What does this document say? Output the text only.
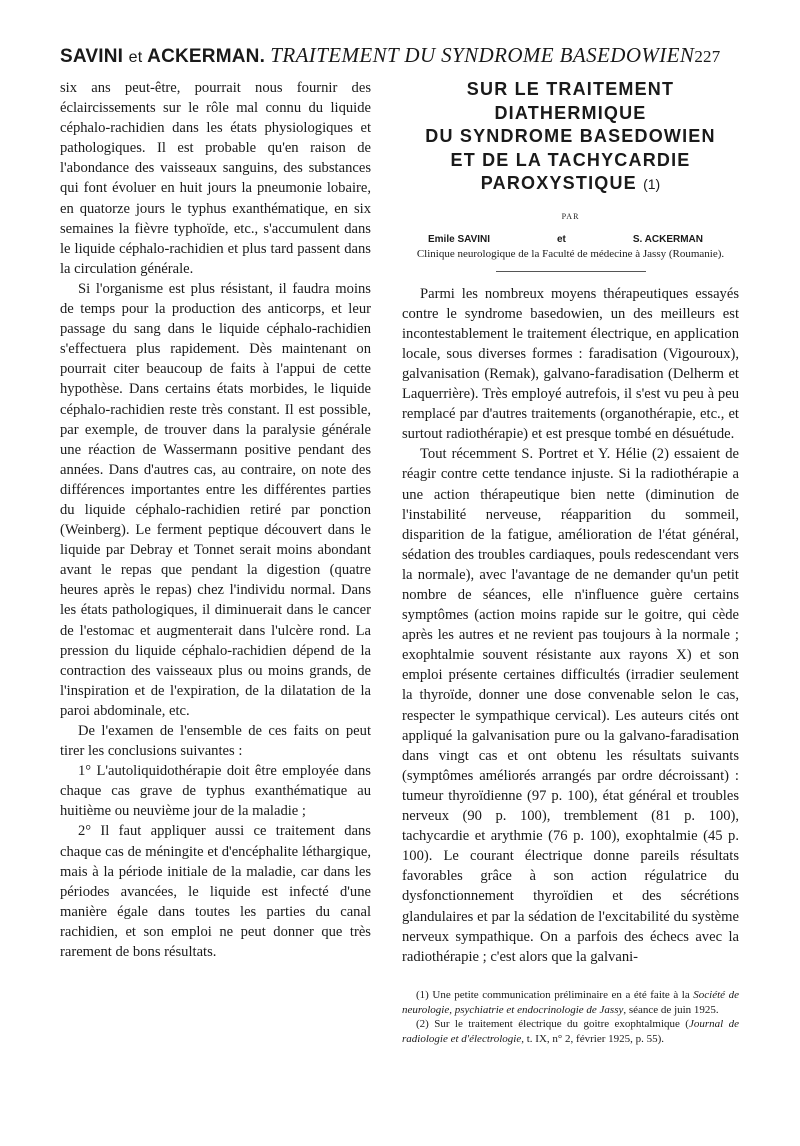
SAVINI et ACKERMAN. TRAITEMENT DU SYNDROME BASEDOWIEN227

six ans peut-être, pourrait nous fournir des éclaircissements sur le rôle mal connu du liquide céphalo-rachidien dans les états physiologiques et pathologiques. Il est probable qu'en raison de l'abondance des vaisseaux sanguins, des substances qui font évoluer en huit jours la pneumonie lobaire, en quatorze jours le typhus exanthématique, en six semaines la fièvre typhoïde, etc., s'accumulent dans le liquide céphalo-rachidien et plus tard passent dans la circulation générale.

Si l'organisme est plus résistant, il faudra moins de temps pour la production des anticorps, et leur passage du sang dans le liquide céphalo-rachidien s'effectuera plus rapidement. Dès maintenant on pourrait citer beaucoup de faits à l'appui de cette hypothèse. Dans certains états morbides, le liquide céphalo-rachidien reste très constant. Il est possible, par exemple, de trouver dans la paralysie générale une réaction de Wassermann positive pendant des années. Dans d'autres cas, au contraire, on note des différences importantes entre les différentes parties du liquide céphalo-rachidien retiré par ponction (Weinberg). Le ferment peptique découvert dans le liquide par Debray et Tonnet serait moins abondant avant le repas que pendant la digestion (quatre heures après le repas) chez l'individu normal. Dans les états pathologiques, il diminuerait dans le cancer de l'estomac et augmenterait dans l'ulcère rond. La pression du liquide céphalo-rachidien dépend de la contraction des vaisseaux plus ou moins grands, de l'inspiration et de l'expiration, de la dilatation de la paroi abdominale, etc.

De l'examen de l'ensemble de ces faits on peut tirer les conclusions suivantes :

1° L'autoliquidothérapie doit être employée dans chaque cas grave de typhus exanthématique au huitième ou neuvième jour de la maladie ;

2° Il faut appliquer aussi ce traitement dans chaque cas de méningite et d'encéphalite léthargique, mais à la période initiale de la maladie, car dans les périodes avancées, le liquide est infecté d'une manière égale dans toutes les parties du canal rachidien, et son emploi ne peut donner que très rarement de bons résultats.

SUR LE TRAITEMENT
DIATHERMIQUE
DU SYNDROME BASEDOWIEN
ET DE LA TACHYCARDIE
PAROXYSTIQUE (1)
PAR
Emile SAVINI	et	S. ACKERMAN
Clinique neurologique de la Faculté de médecine à Jassy (Roumanie).

Parmi les nombreux moyens thérapeutiques essayés contre le syndrome basedowien, un des meilleurs est incontestablement le traitement électrique, en application locale, sous diverses formes : faradisation (Vigouroux), galvanisation (Remak), galvano-faradisation (Delherm et Laquerrière). Très employé autrefois, il s'est vu peu à peu remplacé par d'autres traitements (organothérapie, etc., et surtout radiothérapie) et est presque tombé en désuétude.

Tout récemment S. Portret et Y. Hélie (2) essaient de réagir contre cette tendance injuste. Si la radiothérapie a une action thérapeutique bien nette (diminution de l'instabilité nerveuse, réapparition du sommeil, disparition de la fatigue, amélioration de l'état général, sédation des troubles cardiaques, pouls redescendant vers la normale), avec l'avantage de ne demander qu'un petit nombre de séances, elle n'influence guère certains symptômes (action moins rapide sur le goitre, qui cède après les autres et ne revient pas toujours à la normale ; exophtalmie souvent résistante aux rayons X) et son emploi présente certaines difficultés (irradier seulement la thyroïde, donner une dose convenable selon le cas, respecter le sympathique cervical). Les auteurs cités ont appliqué la galvanisation pure ou la galvano-faradisation dans vingt cas et ont obtenu les résultats suivants (symptômes améliorés arrangés par ordre décroissant) : tumeur thyroïdienne (97 p. 100), état général et troubles nerveux (90 p. 100), tremblement (81 p. 100), tachycardie et arythmie (76 p. 100), exophtalmie (45 p. 100). Le courant électrique donne pareils résultats favorables grâce à son action régulatrice du dysfonctionnement thyroïdien et des sécrétions glandulaires et par la sédation de l'excitabilité du système nerveux sympathique. On a parfois des échecs avec la radiothérapie ; c'est alors que la galvani-

(1) Une petite communication préliminaire en a été faite à la Société de neurologie, psychiatrie et endocrinologie de Jassy, séance de juin 1925.

(2) Sur le traitement électrique du goitre exophtalmique (Journal de radiologie et d'électrologie, t. IX, n° 2, février 1925, p. 55).
